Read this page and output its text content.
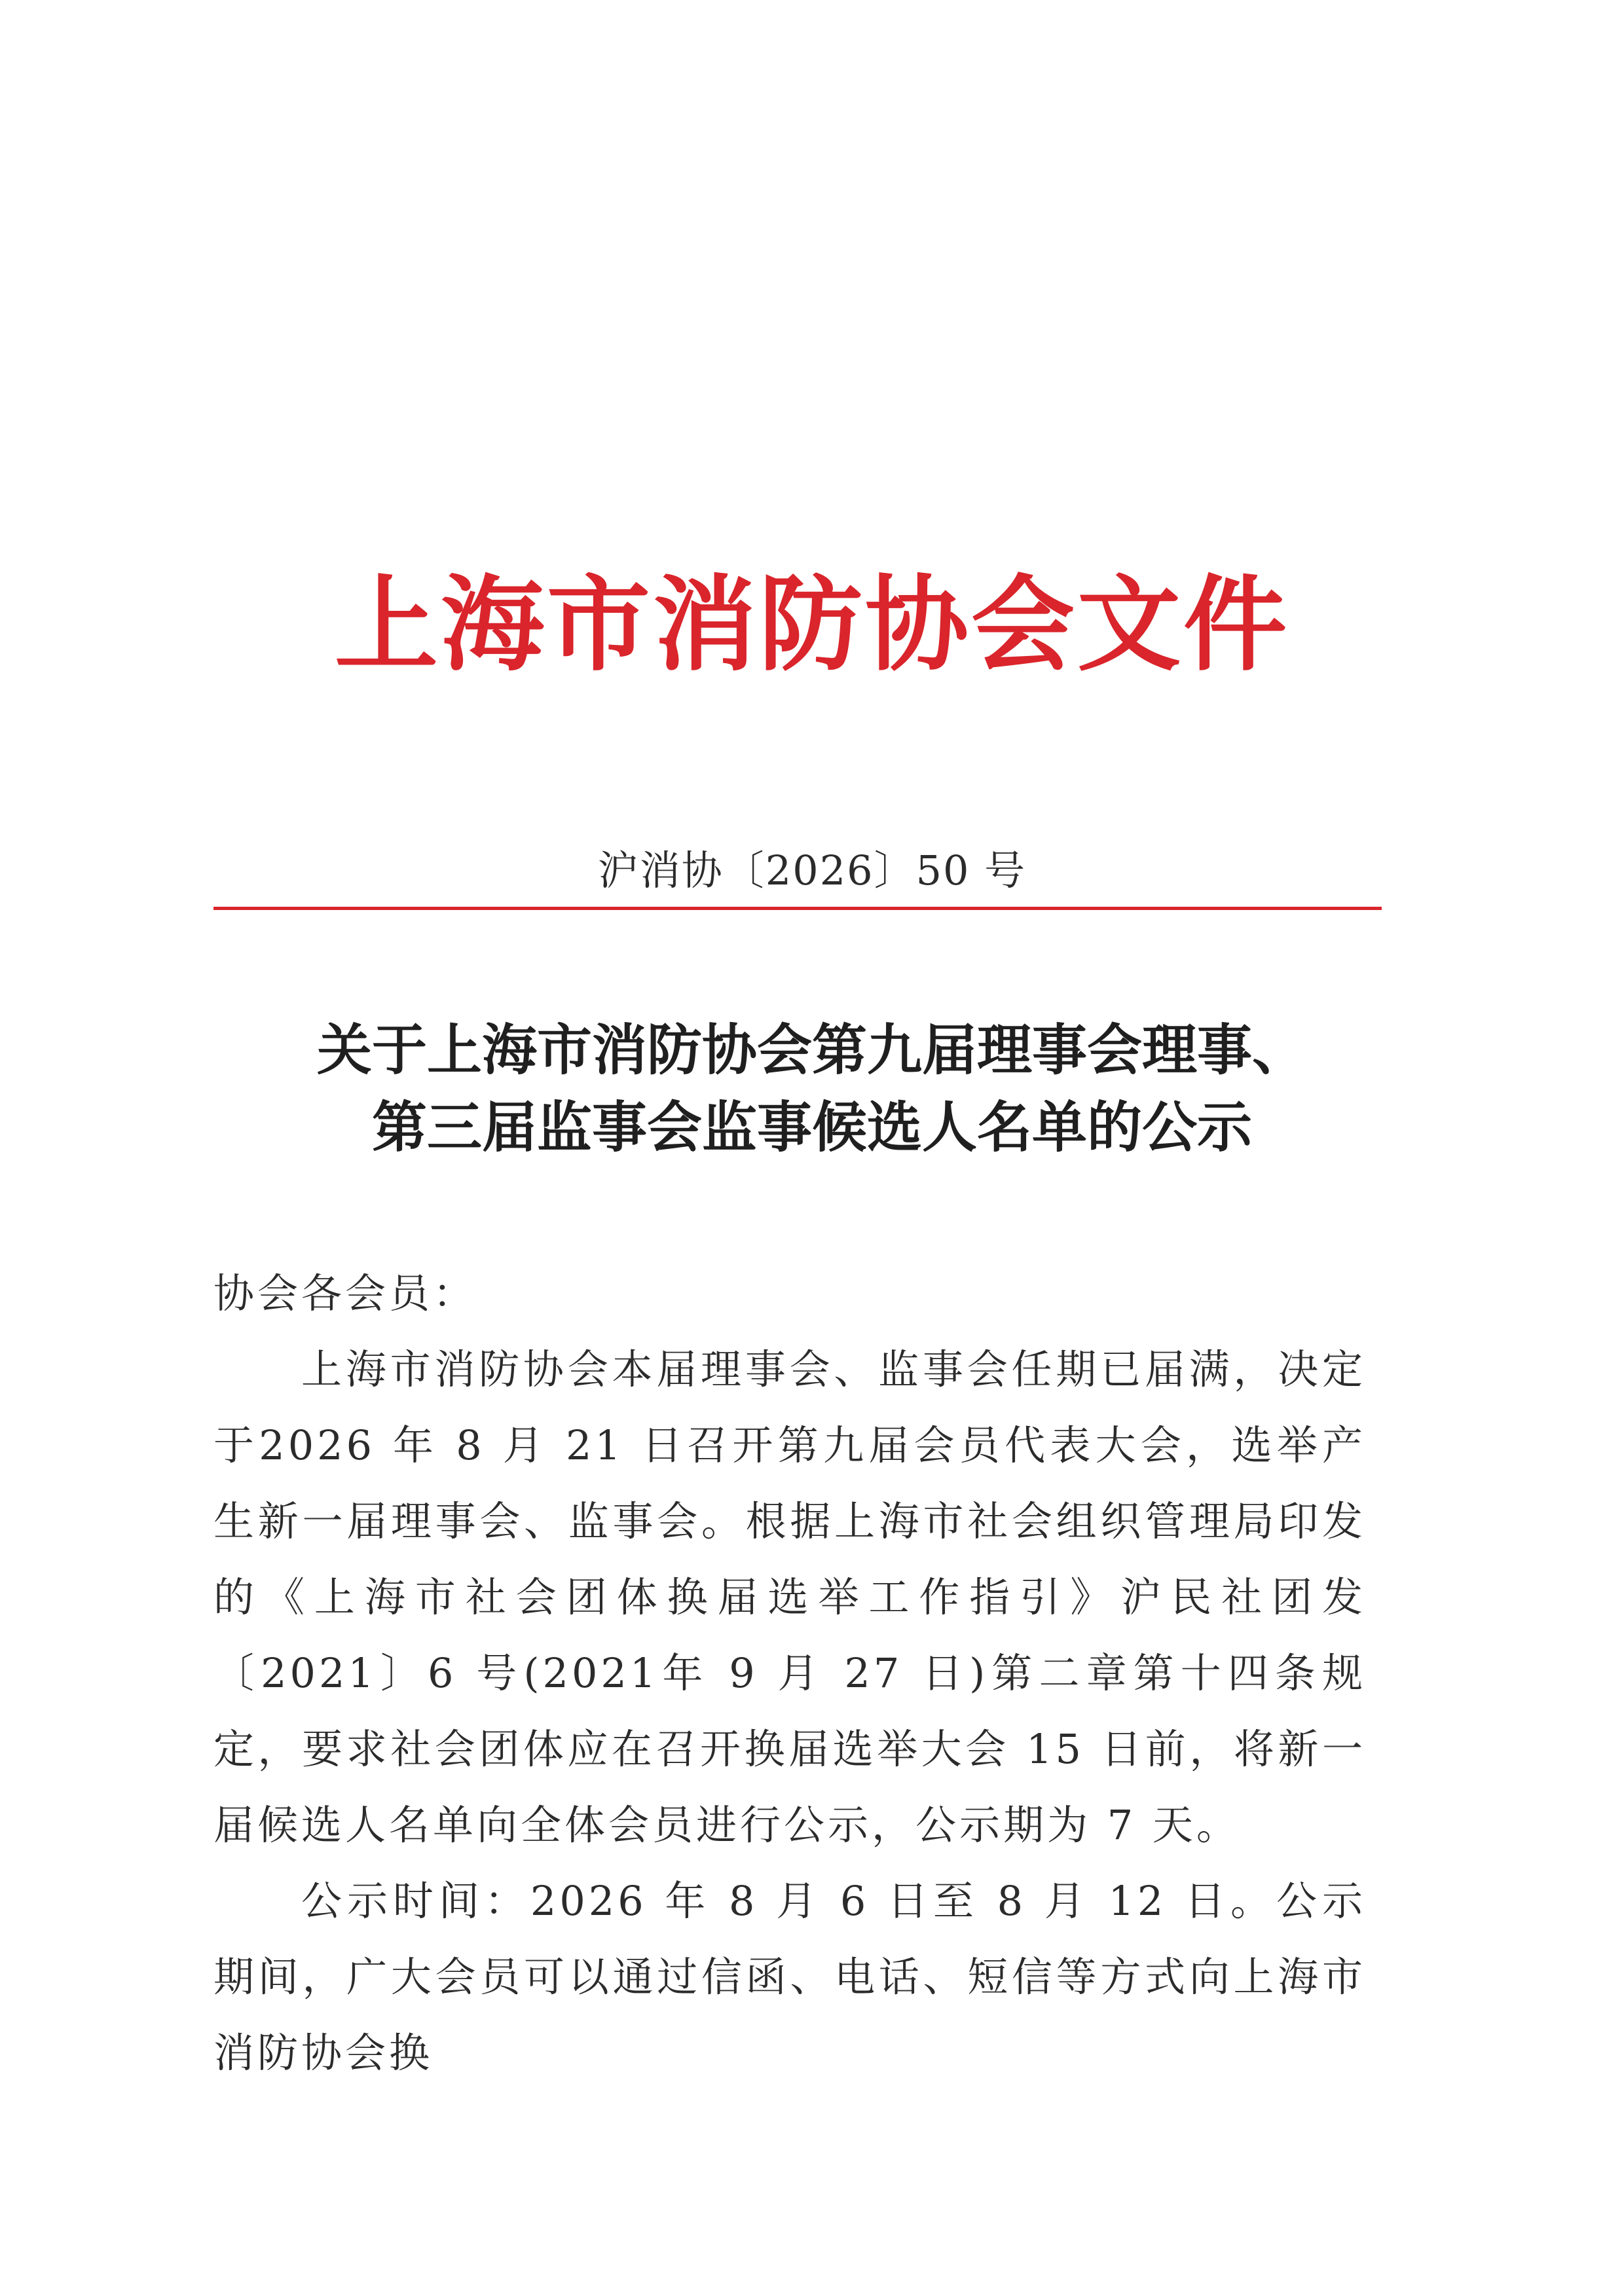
上海市消防协会文件
沪消协〔2026〕50 号
关于上海市消防协会第九届理事会理事、
第三届监事会监事候选人名单的公示

协会各会员：

上海市消防协会本届理事会、监事会任期已届满，决定于2026 年 8 月 21 日召开第九届会员代表大会，选举产生新一届理事会、监事会。根据上海市社会组织管理局印发的《上海市社会团体换届选举工作指引》沪民社团发〔2021〕6 号(2021年 9 月 27 日)第二章第十四条规定，要求社会团体应在召开换届选举大会 15 日前，将新一届候选人名单向全体会员进行公示，公示期为 7 天。

公示时间：2026 年 8 月 6 日至 8 月 12 日。公示期间，广大会员可以通过信函、电话、短信等方式向上海市消防协会换
